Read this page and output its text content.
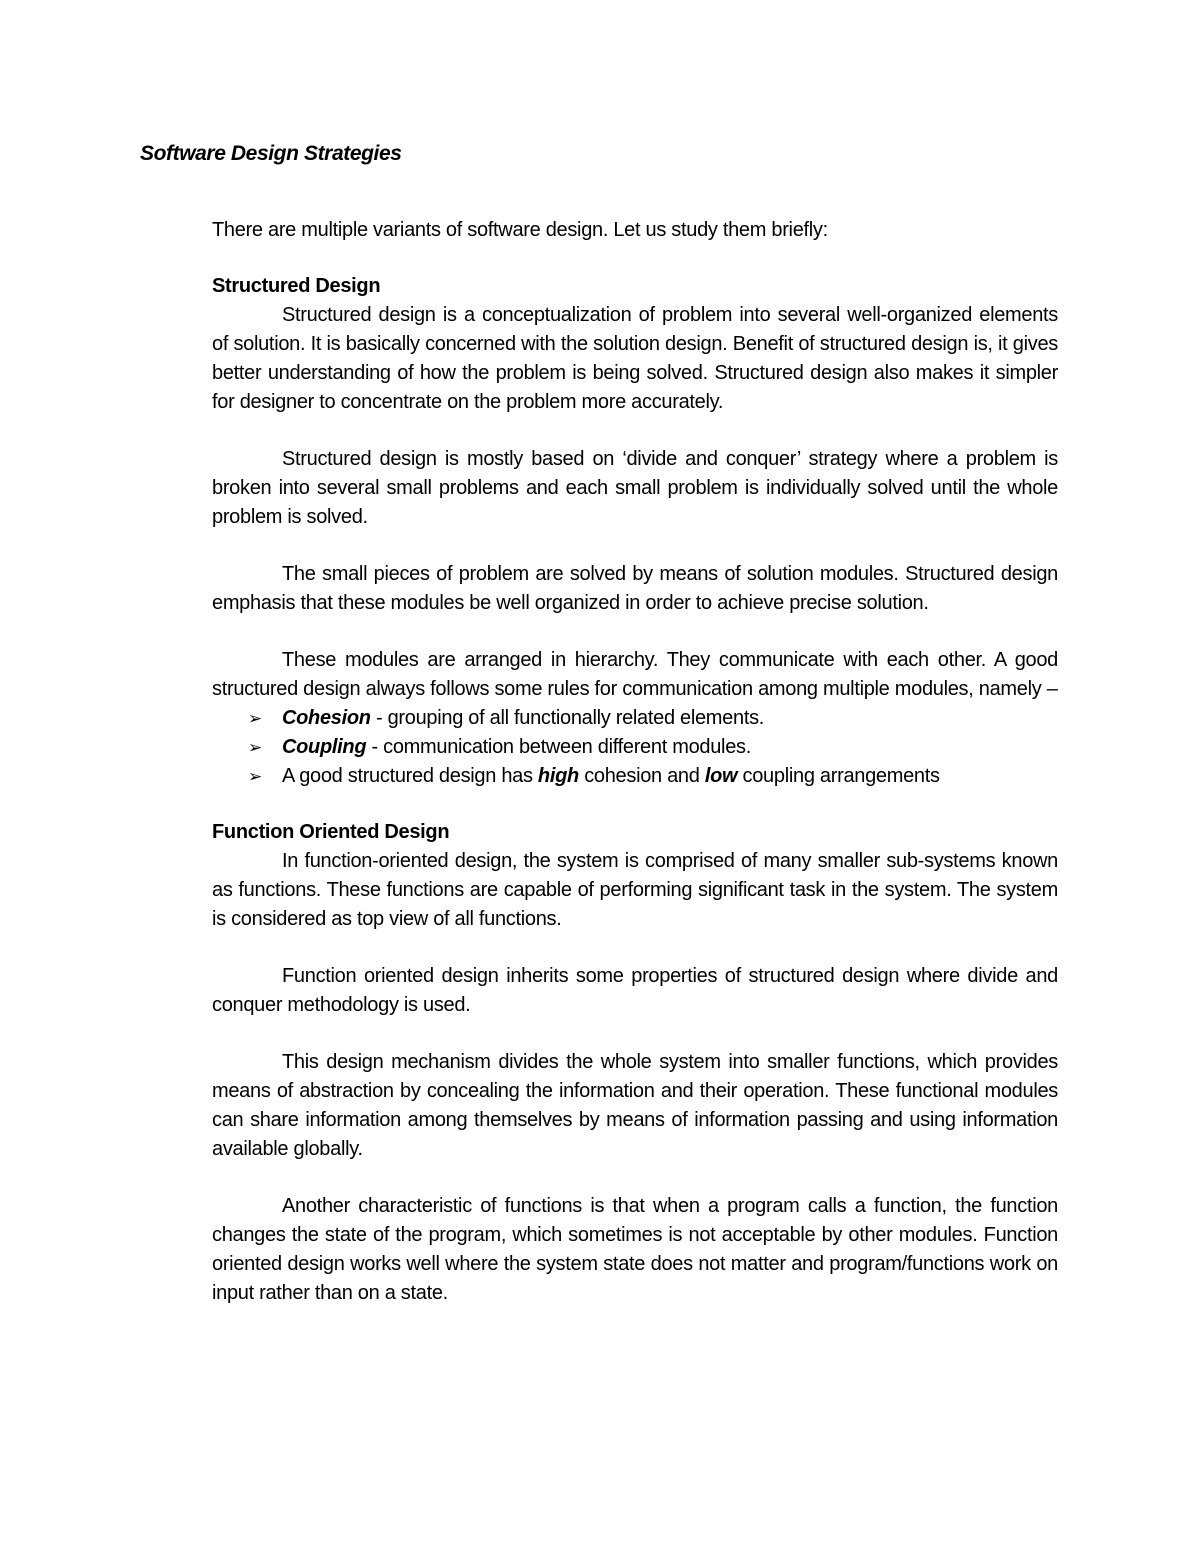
Software Design Strategies

There are multiple variants of software design. Let us study them briefly:

Structured Design

Structured design is a conceptualization of problem into several well-organized elements of solution. It is basically concerned with the solution design. Benefit of structured design is, it gives better understanding of how the problem is being solved. Structured design also makes it simpler for designer to concentrate on the problem more accurately.

Structured design is mostly based on ‘divide and conquer’ strategy where a problem is broken into several small problems and each small problem is individually solved until the whole problem is solved.

The small pieces of problem are solved by means of solution modules. Structured design emphasis that these modules be well organized in order to achieve precise solution.

These modules are arranged in hierarchy. They communicate with each other. A good structured design always follows some rules for communication among multiple modules, namely –

➢ Cohesion - grouping of all functionally related elements.
➢ Coupling - communication between different modules.
➢ A good structured design has high cohesion and low coupling arrangements

Function Oriented Design

In function-oriented design, the system is comprised of many smaller sub-systems known as functions. These functions are capable of performing significant task in the system. The system is considered as top view of all functions.

Function oriented design inherits some properties of structured design where divide and conquer methodology is used.

This design mechanism divides the whole system into smaller functions, which provides means of abstraction by concealing the information and their operation. These functional modules can share information among themselves by means of information passing and using information available globally.

Another characteristic of functions is that when a program calls a function, the function changes the state of the program, which sometimes is not acceptable by other modules. Function oriented design works well where the system state does not matter and program/functions work on input rather than on a state.
